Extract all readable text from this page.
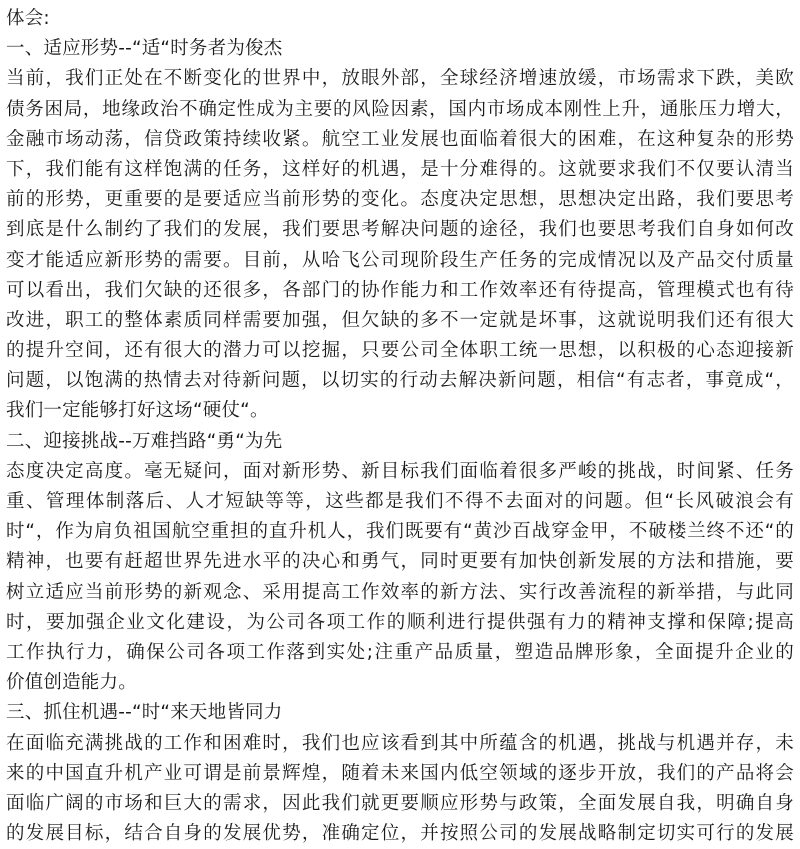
体会:
一、适应形势--“适“时务者为俊杰
当前，我们正处在不断变化的世界中，放眼外部，全球经济增速放缓，市场需求下跌，美欧
债务困局，地缘政治不确定性成为主要的风险因素，国内市场成本刚性上升，通胀压力增大，
金融市场动荡，信贷政策持续收紧。航空工业发展也面临着很大的困难，在这种复杂的形势
下，我们能有这样饱满的任务，这样好的机遇，是十分难得的。这就要求我们不仅要认清当
前的形势，更重要的是要适应当前形势的变化。态度决定思想，思想决定出路，我们要思考
到底是什么制约了我们的发展，我们要思考解决问题的途径，我们也要思考我们自身如何改
变才能适应新形势的需要。目前，从哈飞公司现阶段生产任务的完成情况以及产品交付质量
可以看出，我们欠缺的还很多，各部门的协作能力和工作效率还有待提高，管理模式也有待
改进，职工的整体素质同样需要加强，但欠缺的多不一定就是坏事，这就说明我们还有很大
的提升空间，还有很大的潜力可以挖掘，只要公司全体职工统一思想，以积极的心态迎接新
问题，以饱满的热情去对待新问题，以切实的行动去解决新问题，相信“有志者，事竟成“，
我们一定能够打好这场“硬仗“。
二、迎接挑战--万难挡路“勇“为先
态度决定高度。毫无疑问，面对新形势、新目标我们面临着很多严峻的挑战，时间紧、任务
重、管理体制落后、人才短缺等等，这些都是我们不得不去面对的问题。但“长风破浪会有
时“，作为肩负祖国航空重担的直升机人，我们既要有“黄沙百战穿金甲，不破楼兰终不还“的
精神，也要有赶超世界先进水平的决心和勇气，同时更要有加快创新发展的方法和措施，要
树立适应当前形势的新观念、采用提高工作效率的新方法、实行改善流程的新举措，与此同
时，要加强企业文化建设，为公司各项工作的顺利进行提供强有力的精神支撑和保障;提高
工作执行力，确保公司各项工作落到实处;注重产品质量，塑造品牌形象，全面提升企业的
价值创造能力。
三、抓住机遇--“时“来天地皆同力
在面临充满挑战的工作和困难时，我们也应该看到其中所蕴含的机遇，挑战与机遇并存，未
来的中国直升机产业可谓是前景辉煌，随着未来国内低空领域的逐步开放，我们的产品将会
面临广阔的市场和巨大的需求，因此我们就更要顺应形势与政策，全面发展自我，明确自身
的发展目标，结合自身的发展优势，准确定位，并按照公司的发展战略制定切实可行的发展
